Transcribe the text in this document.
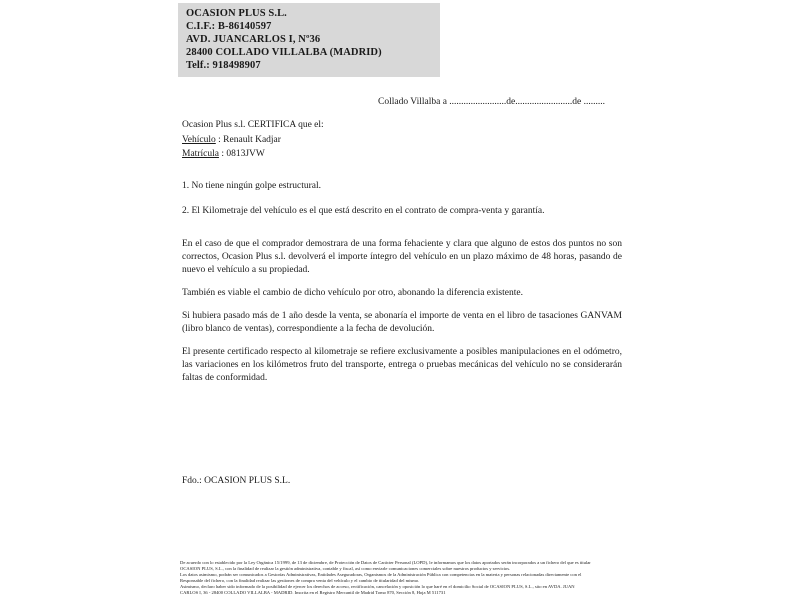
OCASION PLUS S.L.
C.I.F.: B-86140597
AVD. JUANCARLOS I, Nº36
28400 COLLADO VILLALBA (MADRID)
Telf.: 918498907
Collado Villalba a ........................de........................de .........
Ocasion Plus s.l. CERTIFICA que el:
Vehículo : Renault Kadjar
Matrícula : 0813JVW
1. No tiene ningún golpe estructural.
2. El Kilometraje del vehículo es el que está descrito en el contrato de compra-venta y garantía.

En el caso de que el comprador demostrara de una forma fehaciente y clara que alguno de estos dos puntos no son correctos, Ocasion Plus s.l. devolverá el importe íntegro del vehículo en un plazo máximo de 48 horas, pasando de nuevo el vehículo a su propiedad.

También es viable el cambio de dicho vehículo por otro, abonando la diferencia existente.

Si hubiera pasado más de 1 año desde la venta, se abonaría el importe de venta en el libro de tasaciones GANVAM (libro blanco de ventas), correspondiente a la fecha de devolución.

El presente certificado respecto al kilometraje se refiere exclusivamente a posibles manipulaciones en el odómetro, las variaciones en los kilómetros fruto del transporte, entrega o pruebas mecánicas del vehículo no se considerarán faltas de conformidad.

Fdo.: OCASION PLUS S.L.
De acuerdo con lo establecido por la Ley Orgánica 15/1999, de 13 de diciembre, de Protección de Datos de Carácter Personal (LOPD), le informamos que los datos aportados serán incorporados a un fichero del que es titular
OCASION PLUS, S.L., con la finalidad de realizar la gestión administrativa, contable y fiscal, así como enviarle comunicaciones comerciales sobre nuestros productos y servicios.
Los datos asimismo, podrán ser comunicados a Gestorías Administrativas, Entidades Aseguradoras, Organismos de la Administración Pública con competencias en la materia y personas relacionadas directamente con el
Responsable del fichero, con la finalidad realizar las gestiones de compra venta del vehículo y el cambio de titularidad del mismo.
Asimismo, declaro haber sido informado de la posibilidad de ejercer los derechos de acceso, rectificación, cancelación y oposición lo que haré en el domicilio Social de OCASION PLUS, S.L., sito en AVDA. JUAN
CARLOS I, 36 - 28400 COLLADO VILLALBA - MADRID. Inscrita en el Registro Mercantil de Madrid Tomo 870, Sección 8, Hoja M 511731
